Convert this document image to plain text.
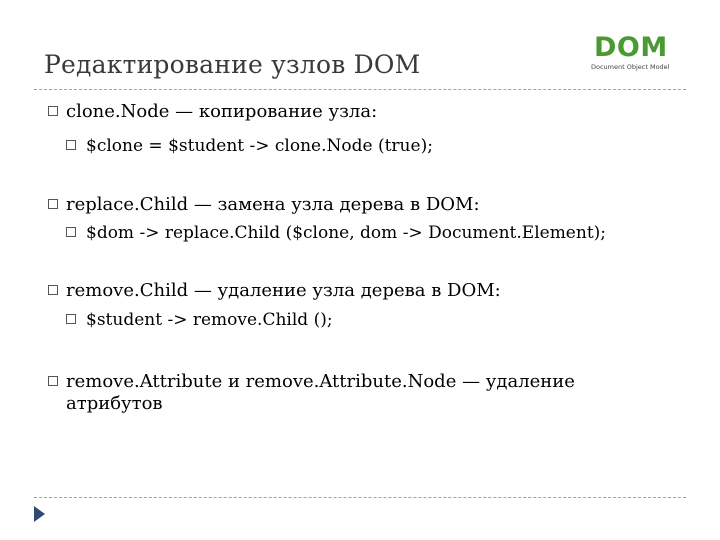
Редактирование узлов DOM
DOM
Document Object Model
clone.Node — копирование узла:
$clone = $student -> clone.Node (true);
replace.Child — замена узла дерева в DOM:
$dom -> replace.Child ($clone, dom -> Document.Element);
remove.Child — удаление узла дерева в DOM:
$student -> remove.Child ();
remove.Attribute и remove.Attribute.Node — удаление атрибутов
